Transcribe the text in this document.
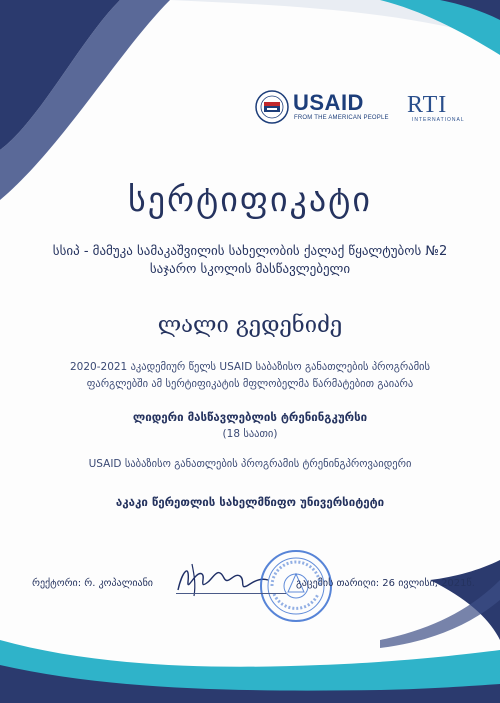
USAID
FROM THE AMERICAN PEOPLE RTI
INTERNATIONAL
სერტიფიკატი
სსიპ - მამუკა სამაკაშვილის სახელობის ქალაქ წყალტუბოს №2
საჯარო სკოლის მასწავლებელი
ლალი გედენიძე
2020-2021 აკადემიურ წელს USAID საბაზისო განათლების პროგრამის
ფარგლებში ამ სერტიფიკატის მფლობელმა წარმატებით გაიარა
ლიდერი მასწავლებლის ტრენინგკურსი
(18 საათი)
USAID საბაზისო განათლების პროგრამის ტრენინგპროვაიდერი
აკაკი წერეთლის სახელმწიფო უნივერსიტეტი
რექტორი: რ. კოპალიანი	გაცემის თარიღი: 26 ივლისი, 2021წ.
